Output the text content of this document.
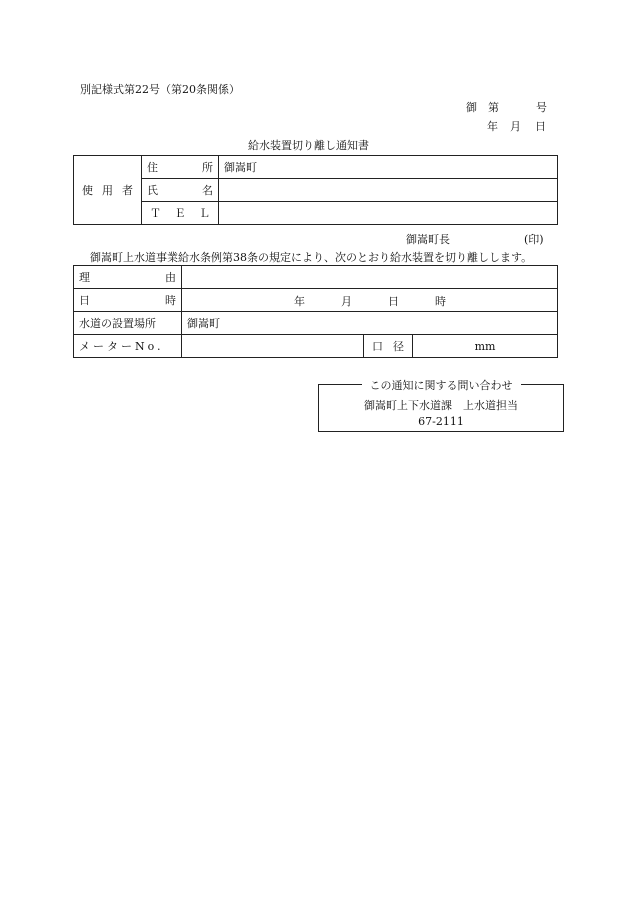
別記様式第22号（第20条関係）
御 第	号
年 月 日
給水装置切り離し通知書
使 用 者	住 所	御嵩町

	氏 名	

	Ｔ Ｅ Ｌ	

御嵩町長	(印)
御嵩町上水道事業給水条例第38条の規定により、次のとおり給水装置を切り離しします。
理 由			

日 時	年 月 日 時		

水道の設置場所	御嵩町		
メーターNo.		口 径	mm
この通知に関する問い合わせ
御嵩町上下水道課　上水道担当
67-2111
